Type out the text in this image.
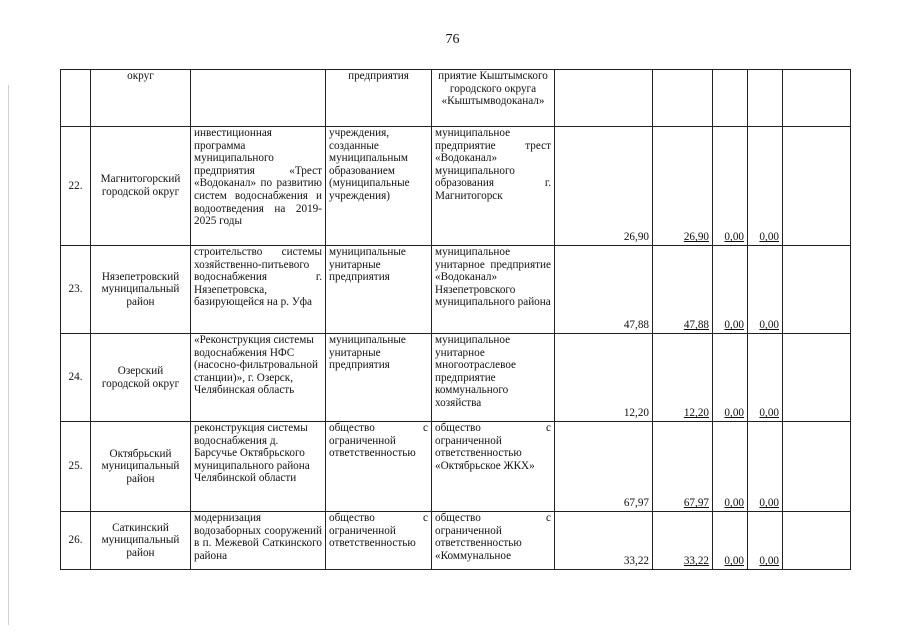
76
	округ		предприятия	приятие Кыштымского городского округа «Кыштымводоканал»					
22.	Магнитогорский городской округ	инвестиционная программа муниципального предприятия «Трест «Водоканал» по развитию систем водоснабжения и водоотведения на 2019-2025 годы	учреждения, созданные муниципальным образованием (муниципальные учреждения)	муниципальное предприятие трест «Водоканал» муниципального образования г. Магнитогорск	26,90	26,90	0,00	0,00	
23.	Нязепетровский муниципальный район	строительство системы хозяйственно-питьевого водоснабжения г. Нязепетровска, базирующейся на р. Уфа	муниципальные унитарные предприятия	муниципальное унитарное предприятие «Водоканал» Нязепетровского муниципального района	47,88	47,88	0,00	0,00	
24.	Озерский городской округ	«Реконструкция системы водоснабжения НФС (насосно-фильтровальной станции)», г. Озерск, Челябинская область	муниципальные унитарные предприятия	муниципальное унитарное многоотраслевое предприятие коммунального хозяйства	12,20	12,20	0,00	0,00	
25.	Октябрьский муниципальный район	реконструкция системы водоснабжения д. Барсучье Октябрьского муниципального района Челябинской области	общество с ограниченной ответственностью	общество с ограниченной ответственностью «Октябрьское ЖКХ»	67,97	67,97	0,00	0,00	
26.	Саткинский муниципальный район	модернизация водозаборных сооружений в п. Межевой Саткинского района	общество с ограниченной ответственностью	общество с ограниченной ответственностью «Коммунальное	33,22	33,22	0,00	0,00	
